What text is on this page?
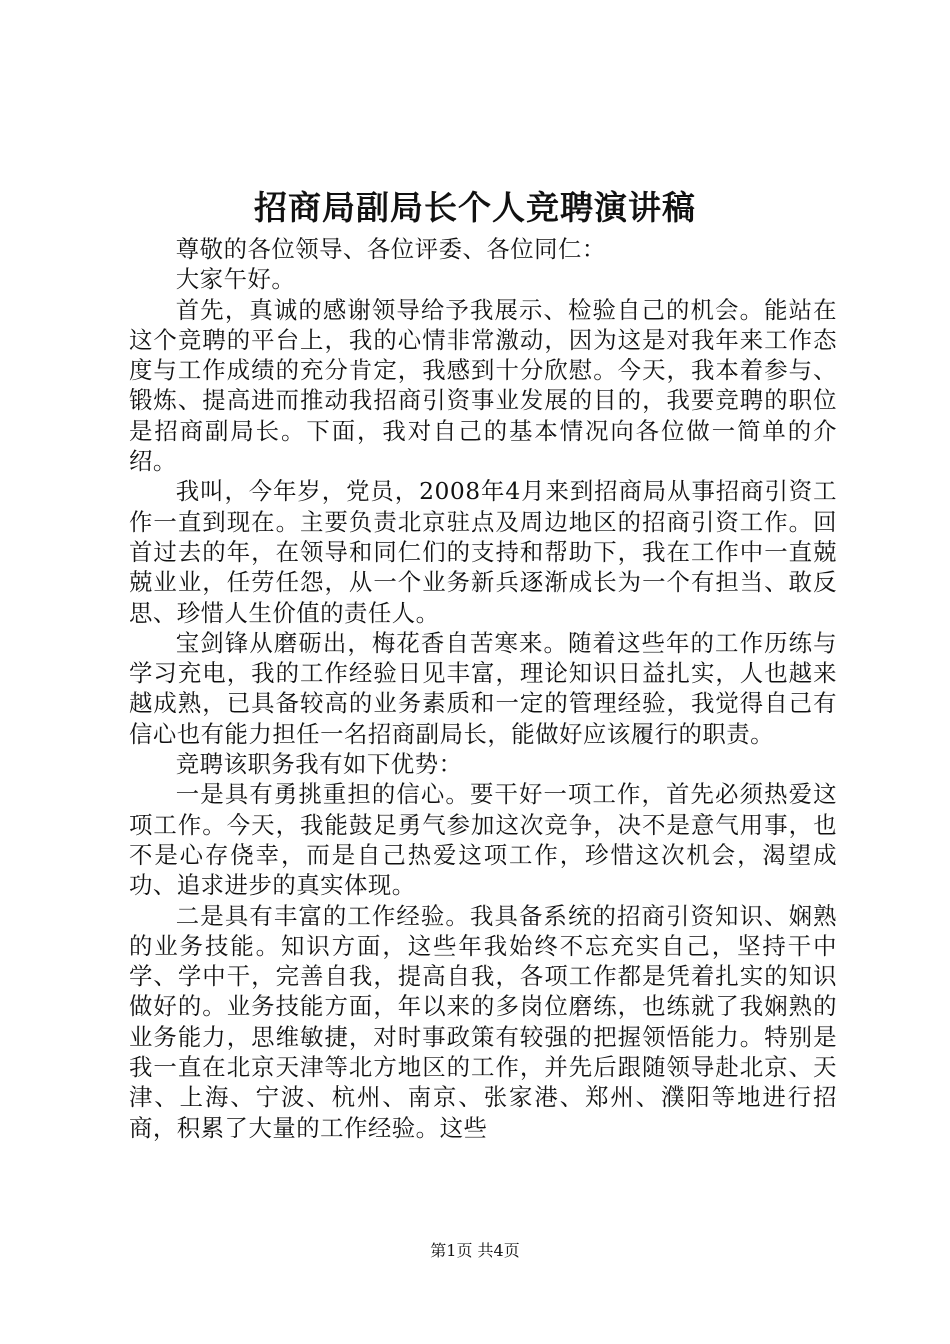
招商局副局长个人竞聘演讲稿

尊敬的各位领导、各位评委、各位同仁：

大家午好。

首先，真诚的感谢领导给予我展示、检验自己的机会。能站在这个竞聘的平台上，我的心情非常激动，因为这是对我年来工作态度与工作成绩的充分肯定，我感到十分欣慰。今天，我本着参与、锻炼、提高进而推动我招商引资事业发展的目的，我要竞聘的职位是招商副局长。下面，我对自己的基本情况向各位做一简单的介绍。

我叫，今年岁，党员，2008年4月来到招商局从事招商引资工作一直到现在。主要负责北京驻点及周边地区的招商引资工作。回首过去的年，在领导和同仁们的支持和帮助下，我在工作中一直兢兢业业，任劳任怨，从一个业务新兵逐渐成长为一个有担当、敢反思、珍惜人生价值的责任人。

宝剑锋从磨砺出，梅花香自苦寒来。随着这些年的工作历练与学习充电，我的工作经验日见丰富，理论知识日益扎实，人也越来越成熟，已具备较高的业务素质和一定的管理经验，我觉得自己有信心也有能力担任一名招商副局长，能做好应该履行的职责。

竞聘该职务我有如下优势：

一是具有勇挑重担的信心。要干好一项工作，首先必须热爱这项工作。今天，我能鼓足勇气参加这次竞争，决不是意气用事，也不是心存侥幸，而是自己热爱这项工作，珍惜这次机会，渴望成功、追求进步的真实体现。

二是具有丰富的工作经验。我具备系统的招商引资知识、娴熟的业务技能。知识方面，这些年我始终不忘充实自己，坚持干中学、学中干，完善自我，提高自我，各项工作都是凭着扎实的知识做好的。业务技能方面，年以来的多岗位磨练，也练就了我娴熟的业务能力，思维敏捷，对时事政策有较强的把握领悟能力。特别是我一直在北京天津等北方地区的工作，并先后跟随领导赴北京、天津、上海、宁波、杭州、南京、张家港、郑州、濮阳等地进行招商，积累了大量的工作经验。这些

第1页 共4页
